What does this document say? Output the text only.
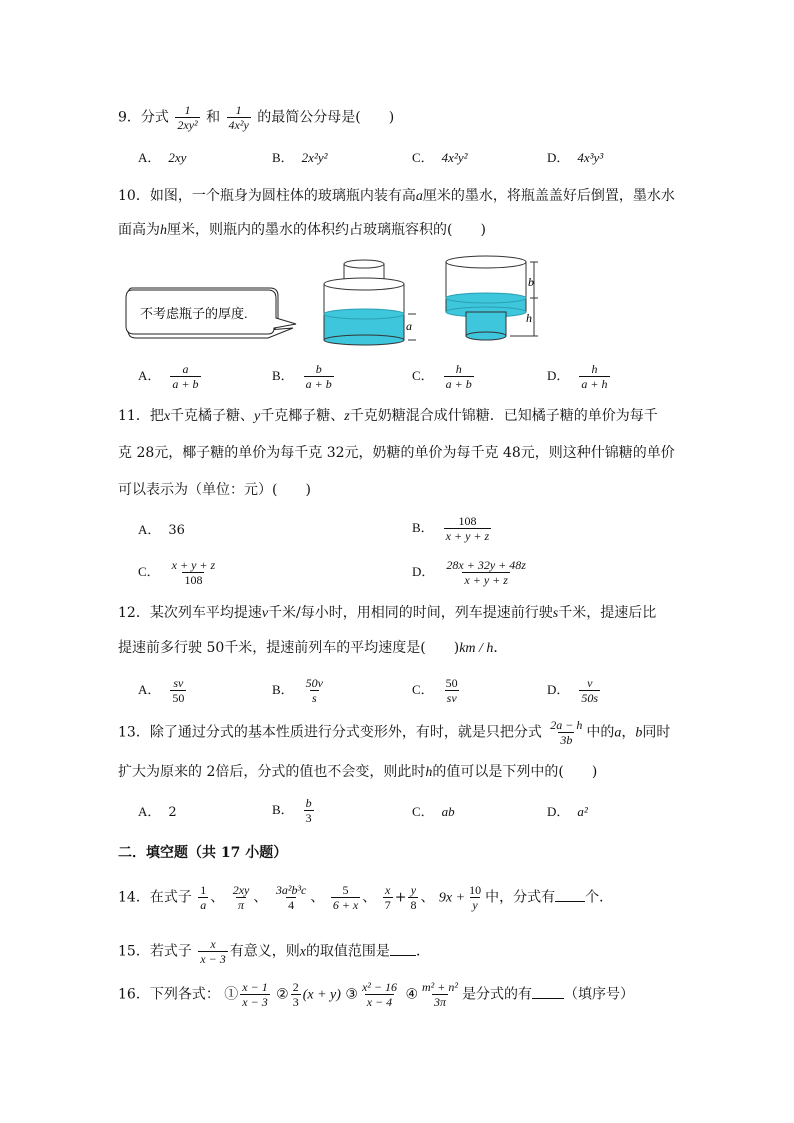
9．分式 $\frac{1}{\text{2xy²}}$ 和 $\frac{1}{\text{4x²y}}$ 的最简公分母是(　　)
A． 2xy	B． 2x²y²	C． 4x²y²	D． 4x³y³
10．如图，一个瓶身为圆柱体的玻璃瓶内装有高a厘米的墨水，将瓶盖盖好后倒置，墨水水
面高为h厘米，则瓶内的墨水的体积约占玻璃瓶容积的(　　)
不考虑瓶子的厚度.
a
b
h
A． $\frac{a}{a + b}$	B． $\frac{b}{a + b}$	C． $\frac{h}{a + b}$	D． $\frac{h}{a + h}$
11．把x千克橘子糖、y千克椰子糖、z千克奶糖混合成什锦糖．已知橘子糖的单价为每千
克 28元，椰子糖的单价为每千克 32元，奶糖的单价为每千克 48元，则这种什锦糖的单价
可以表示为（单位：元）(　　)
A． 36	B． $\frac{108}{x + y + z}$
C． $\frac{x + y + z}{108}$	D． $\frac{28x + 32y + 48z}{x + y + z}$
12．某次列车平均提速v千米/每小时，用相同的时间，列车提速前行驶s千米，提速后比
提速前多行驶 50千米，提速前列车的平均速度是(　　)km / h．
A． $\frac{sv}{50}$	B． $\frac{50v}{s}$	C． $\frac{50}{sv}$	D． $\frac{v}{50s}$
13．除了通过分式的基本性质进行分式变形外，有时，就是只把分式 $\frac{2a - h}{3b}$ 中的a，b同时
扩大为原来的 2倍后，分式的值也不会变，则此时h的值可以是下列中的(　　)
A． 2	B． $\frac{b}{3}$	C． ab	D． a²
二．填空题（共 17 小题）
14．在式子 $\frac{1}{a}$ 、 $\frac{2xy}{\pi}$ 、 $\frac{\text{3a²b³c}}{4}$ 、 $\frac{5}{6 + x}$ 、 $\frac{x}{7} + \frac{y}{8}$ 、 $9x + \frac{10}{y}$ 中，分式有 个．
15．若式子 $\frac{x}{x - 3}$ 有意义，则x的取值范围是 ．
16．下列各式： ① $\frac{x - 1}{x - 3}$ ② $\frac{2}{3} (x + y)$ ③ $\frac{\text{x² − 16}}{x - 4}$ ④ $\frac{\text{m² + n²}}{3\pi}$ 是分式的有 （填序号）
